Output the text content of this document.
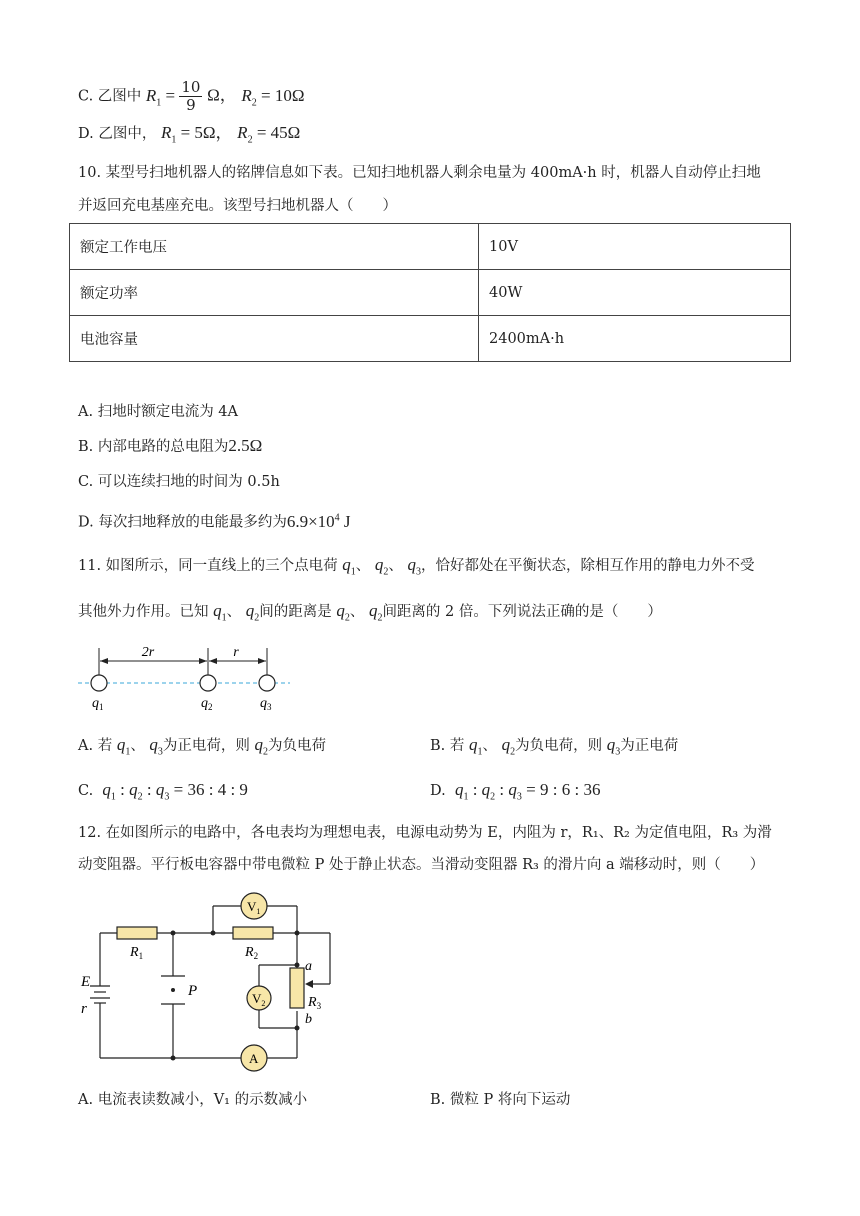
C. 乙图中 $R_1 = \frac{10}{9}$ Ω， $R_2 = 10\Omega$
D. 乙图中， $R_1 = 5\Omega$， $R_2 = 45\Omega$
10. 某型号扫地机器人的铭牌信息如下表。已知扫地机器人剩余电量为 400mA·h 时，机器人自动停止扫地
并返回充电基座充电。该型号扫地机器人（　　）
额定工作电压	10V
额定功率	40W
电池容量	2400mA·h
A. 扫地时额定电流为 4A
B. 内部电路的总电阻为2.5Ω
C. 可以连续扫地的时间为 0.5h
D. 每次扫地释放的电能最多约为$6.9\times 10^4$ J
11. 如图所示，同一直线上的三个点电荷 $q_1$、 $q_2$、 $q_3$，恰好都处在平衡状态，除相互作用的静电力外不受
其他外力作用。已知 $q_1$、 $q_2$间的距离是 $q_2$、 $q_2$间距离的 2 倍。下列说法正确的是（　　）
2r	r
$q_1$	$q_2$	$q_3$
A. 若 $q_1$、 $q_3$为正电荷，则 $q_2$为负电荷	B. 若 $q_1$、 $q_2$为负电荷，则 $q_3$为正电荷
C. $q_1$ : $q_2$ : $q_3 = 36$ : 4 : 9	D. $q_1$ : $q_2$ : $q_3 = 9$ : 6 : 36
12. 在如图所示的电路中，各电表均为理想电表，电源电动势为 E，内阻为 r，R₁、R₂ 为定值电阻，R₃ 为滑
动变阻器。平行板电容器中带电微粒 P 处于静止状态。当滑动变阻器 R₃ 的滑片向 a 端移动时，则（　　）
$V_1$
$V_2$
A
$R_1$	$R_2$
$R_3$
E
r
P
a
b
A. 电流表读数减小，V₁ 的示数减小	B. 微粒 P 将向下运动
